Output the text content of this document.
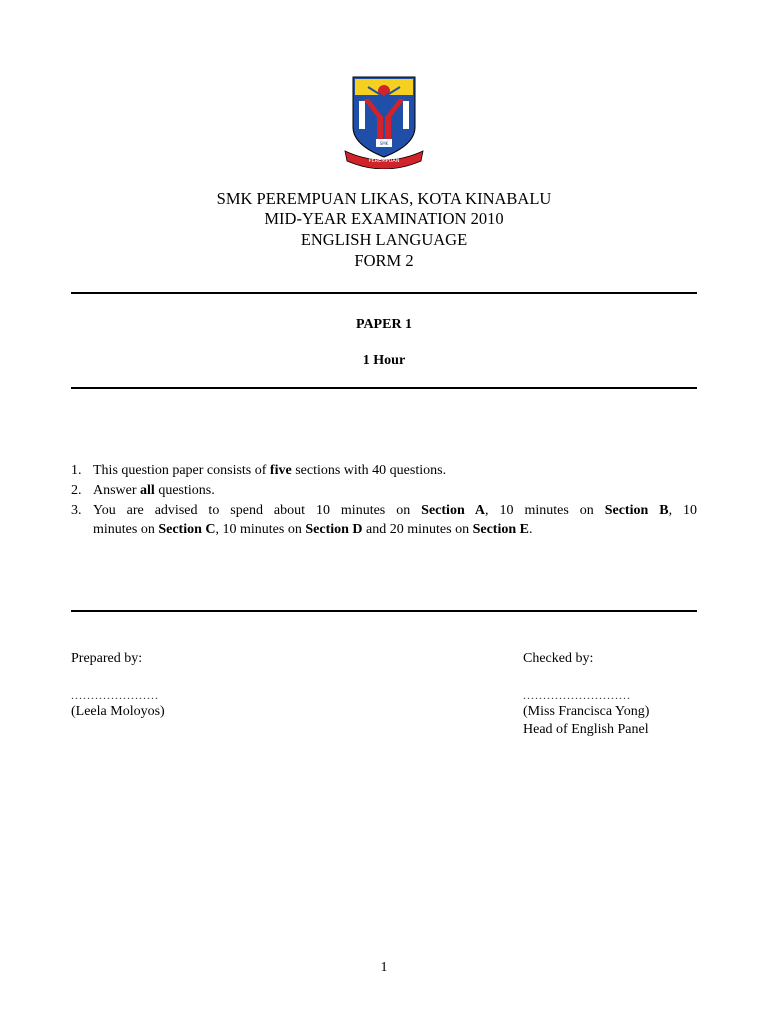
SMK
PEREMPUAN
SMK PEREMPUAN LIKAS, KOTA KINABALU
MID-YEAR EXAMINATION 2010
ENGLISH LANGUAGE
FORM 2
PAPER 1
1 Hour
1. This question paper consists of five sections with 40 questions.
2. Answer all questions.
3. You are advised to spend about 10 minutes on Section A, 10 minutes on Section B, 10
minutes on Section C, 10 minutes on Section D and 20 minutes on Section E.
Prepared by:
......................
(Leela Moloyos)
Checked by:
...........................
(Miss Francisca Yong)
Head of English Panel
1
